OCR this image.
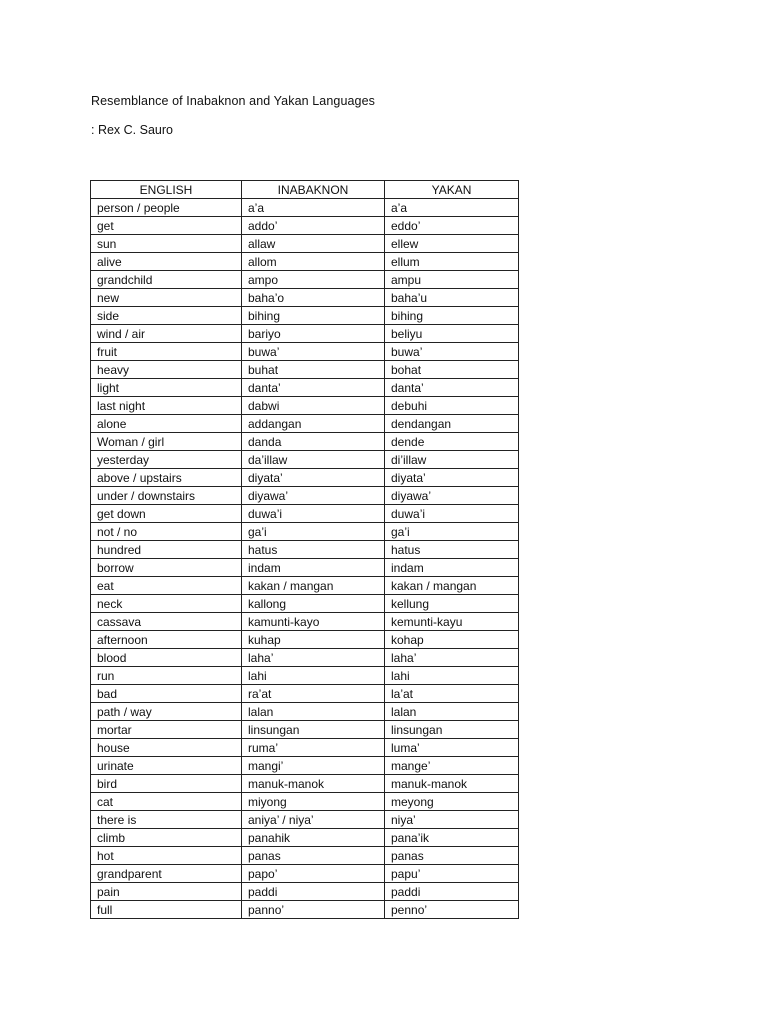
Resemblance of Inabaknon and Yakan Languages
: Rex C. Sauro
ENGLISH	INABAKNON	YAKAN
person / people	a’a	a’a
get	addo’	eddo’
sun	allaw	ellew
alive	allom	ellum
grandchild	ampo	ampu
new	baha’o	baha’u
side	bihing	bihing
wind / air	bariyo	beliyu
fruit	buwa’	buwa’
heavy	buhat	bohat
light	danta’	danta’
last night	dabwi	debuhi
alone	addangan	dendangan
Woman / girl	danda	dende
yesterday	da’illaw	di’illaw
above / upstairs	diyata’	diyata’
under / downstairs	diyawa’	diyawa’
get down	duwa’i	duwa’i
not / no	ga’i	ga’i
hundred	hatus	hatus
borrow	indam	indam
eat	kakan / mangan	kakan / mangan
neck	kallong	kellung
cassava	kamunti-kayo	kemunti-kayu
afternoon	kuhap	kohap
blood	laha’	laha’
run	lahi	lahi
bad	ra’at	la’at
path / way	lalan	lalan
mortar	linsungan	linsungan
house	ruma’	luma’
urinate	mangi’	mange’
bird	manuk-manok	manuk-manok
cat	miyong	meyong
there is	aniya’ / niya’	niya’
climb	panahik	pana’ik
hot	panas	panas
grandparent	papo’	papu’
pain	paddi	paddi
full	panno’	penno’
